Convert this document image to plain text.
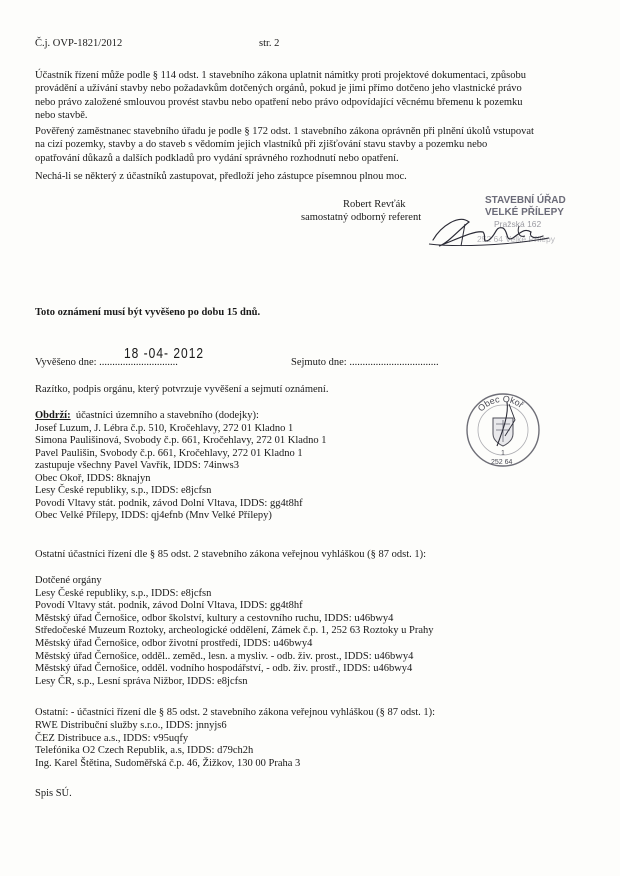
Č.j. OVP-1821/2012	str. 2
Účastník řízení může podle § 114 odst. 1 stavebního zákona uplatnit námitky proti projektové dokumentaci, způsobu
provádění a užívání stavby nebo požadavkům dotčených orgánů, pokud je jimi přímo dotčeno jeho vlastnické právo
nebo právo založené smlouvou provést stavbu nebo opatření nebo právo odpovídající věcnému břemenu k pozemku
nebo stavbě.
Pověřený zaměstnanec stavebního úřadu je podle § 172 odst. 1 stavebního zákona oprávněn při plnění úkolů vstupovat
na cizí pozemky, stavby a do staveb s vědomím jejich vlastníků při zjišťování stavu stavby a pozemku nebo
opatřování důkazů a dalších podkladů pro vydání správného rozhodnutí nebo opatření.
Nechá-li se některý z účastníků zastupovat, předloží jeho zástupce písemnou plnou moc.
Robert Revťák
samostatný odborný referent
STAVEBNÍ ÚŘAD
VELKÉ PŘÍLEPY
Pražská 162
252 64 Velké Přílepy
Toto oznámení musí být vyvěšeno po dobu 15 dnů.
Vyvěšeno dne: ..............................
18 -04- 2012
Sejmuto dne: ..................................
Razítko, podpis orgánu, který potvrzuje vyvěšení a sejmutí oznámení.
Obec Okoř
1
252 64
Obdrží: účastníci územního a stavebního (dodejky):
Josef Luzum, J. Lébra č.p. 510, Kročehlavy, 272 01 Kladno 1
Simona Paulišinová, Svobody č.p. 661, Kročehlavy, 272 01 Kladno 1
Pavel Paulišin, Svobody č.p. 661, Kročehlavy, 272 01 Kladno 1
zastupuje všechny Pavel Vavřík, IDDS: 74inws3
Obec Okoř, IDDS: 8knajyn
Lesy České republiky, s.p., IDDS: e8jcfsn
Povodí Vltavy stát. podnik, závod Dolní Vltava, IDDS: gg4t8hf
Obec Velké Přílepy, IDDS: qj4efnb (Mnv Velké Přílepy)
Ostatní účastníci řízení dle § 85 odst. 2 stavebního zákona veřejnou vyhláškou (§ 87 odst. 1):
Dotčené orgány
Lesy České republiky, s.p., IDDS: e8jcfsn
Povodí Vltavy stát. podnik, závod Dolní Vltava, IDDS: gg4t8hf
Městský úřad Černošice, odbor školství, kultury a cestovního ruchu, IDDS: u46bwy4
Středočeské Muzeum Roztoky, archeologické oddělení, Zámek č.p. 1, 252 63 Roztoky u Prahy
Městský úřad Černošice, odbor životní prostředí, IDDS: u46bwy4
Městský úřad Černošice, odděl.. zeměd., lesn. a mysliv. - odb. živ. prost., IDDS: u46bwy4
Městský úřad Černošice, odděl. vodního hospodářství, - odb. živ. prostř., IDDS: u46bwy4
Lesy ČR, s.p., Lesní správa Nižbor, IDDS: e8jcfsn
Ostatní: - účastníci řízení dle § 85 odst. 2 stavebního zákona veřejnou vyhláškou (§ 87 odst. 1):
RWE Distribuční služby s.r.o., IDDS: jnnyjs6
ČEZ Distribuce a.s., IDDS: v95uqfy
Telefónika O2 Czech Republik, a.s, IDDS: d79ch2h
Ing. Karel Štětina, Sudoměřská č.p. 46, Žižkov, 130 00 Praha 3
Spis SÚ.
